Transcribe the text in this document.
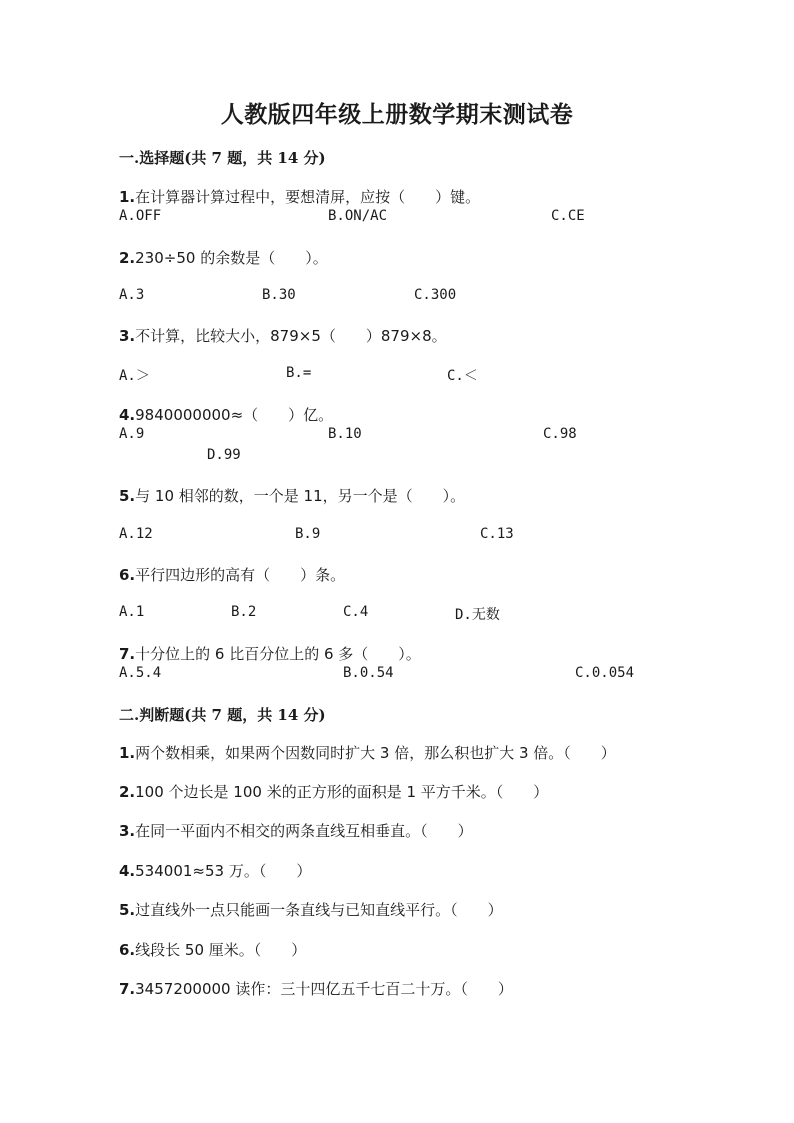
人教版四年级上册数学期末测试卷
一.选择题(共 7 题，共 14 分)
1.在计算器计算过程中，要想清屏，应按（　　）键。
A.OFF	B.ON/AC	C.CE
2.230÷50 的余数是（　　）。
A.3	B.30	C.300
3.不计算，比较大小，879×5（　　）879×8。
A.＞	B.=	C.＜
4.9840000000≈（　　）亿。
A.9	B.10	C.98
D.99
5.与 10 相邻的数，一个是 11，另一个是（　　）。
A.12	B.9	C.13
6.平行四边形的高有（　　）条。
A.1	B.2	C.4	D.无数
7.十分位上的 6 比百分位上的 6 多（　　）。
A.5.4	B.0.54	C.0.054
二.判断题(共 7 题，共 14 分)
1.两个数相乘，如果两个因数同时扩大 3 倍，那么积也扩大 3 倍。（　　）
2.100 个边长是 100 米的正方形的面积是 1 平方千米。（　　）
3.在同一平面内不相交的两条直线互相垂直。（　　）
4.534001≈53 万。（　　）
5.过直线外一点只能画一条直线与已知直线平行。（　　）
6.线段长 50 厘米。（　　）
7.3457200000 读作：三十四亿五千七百二十万。（　　）
